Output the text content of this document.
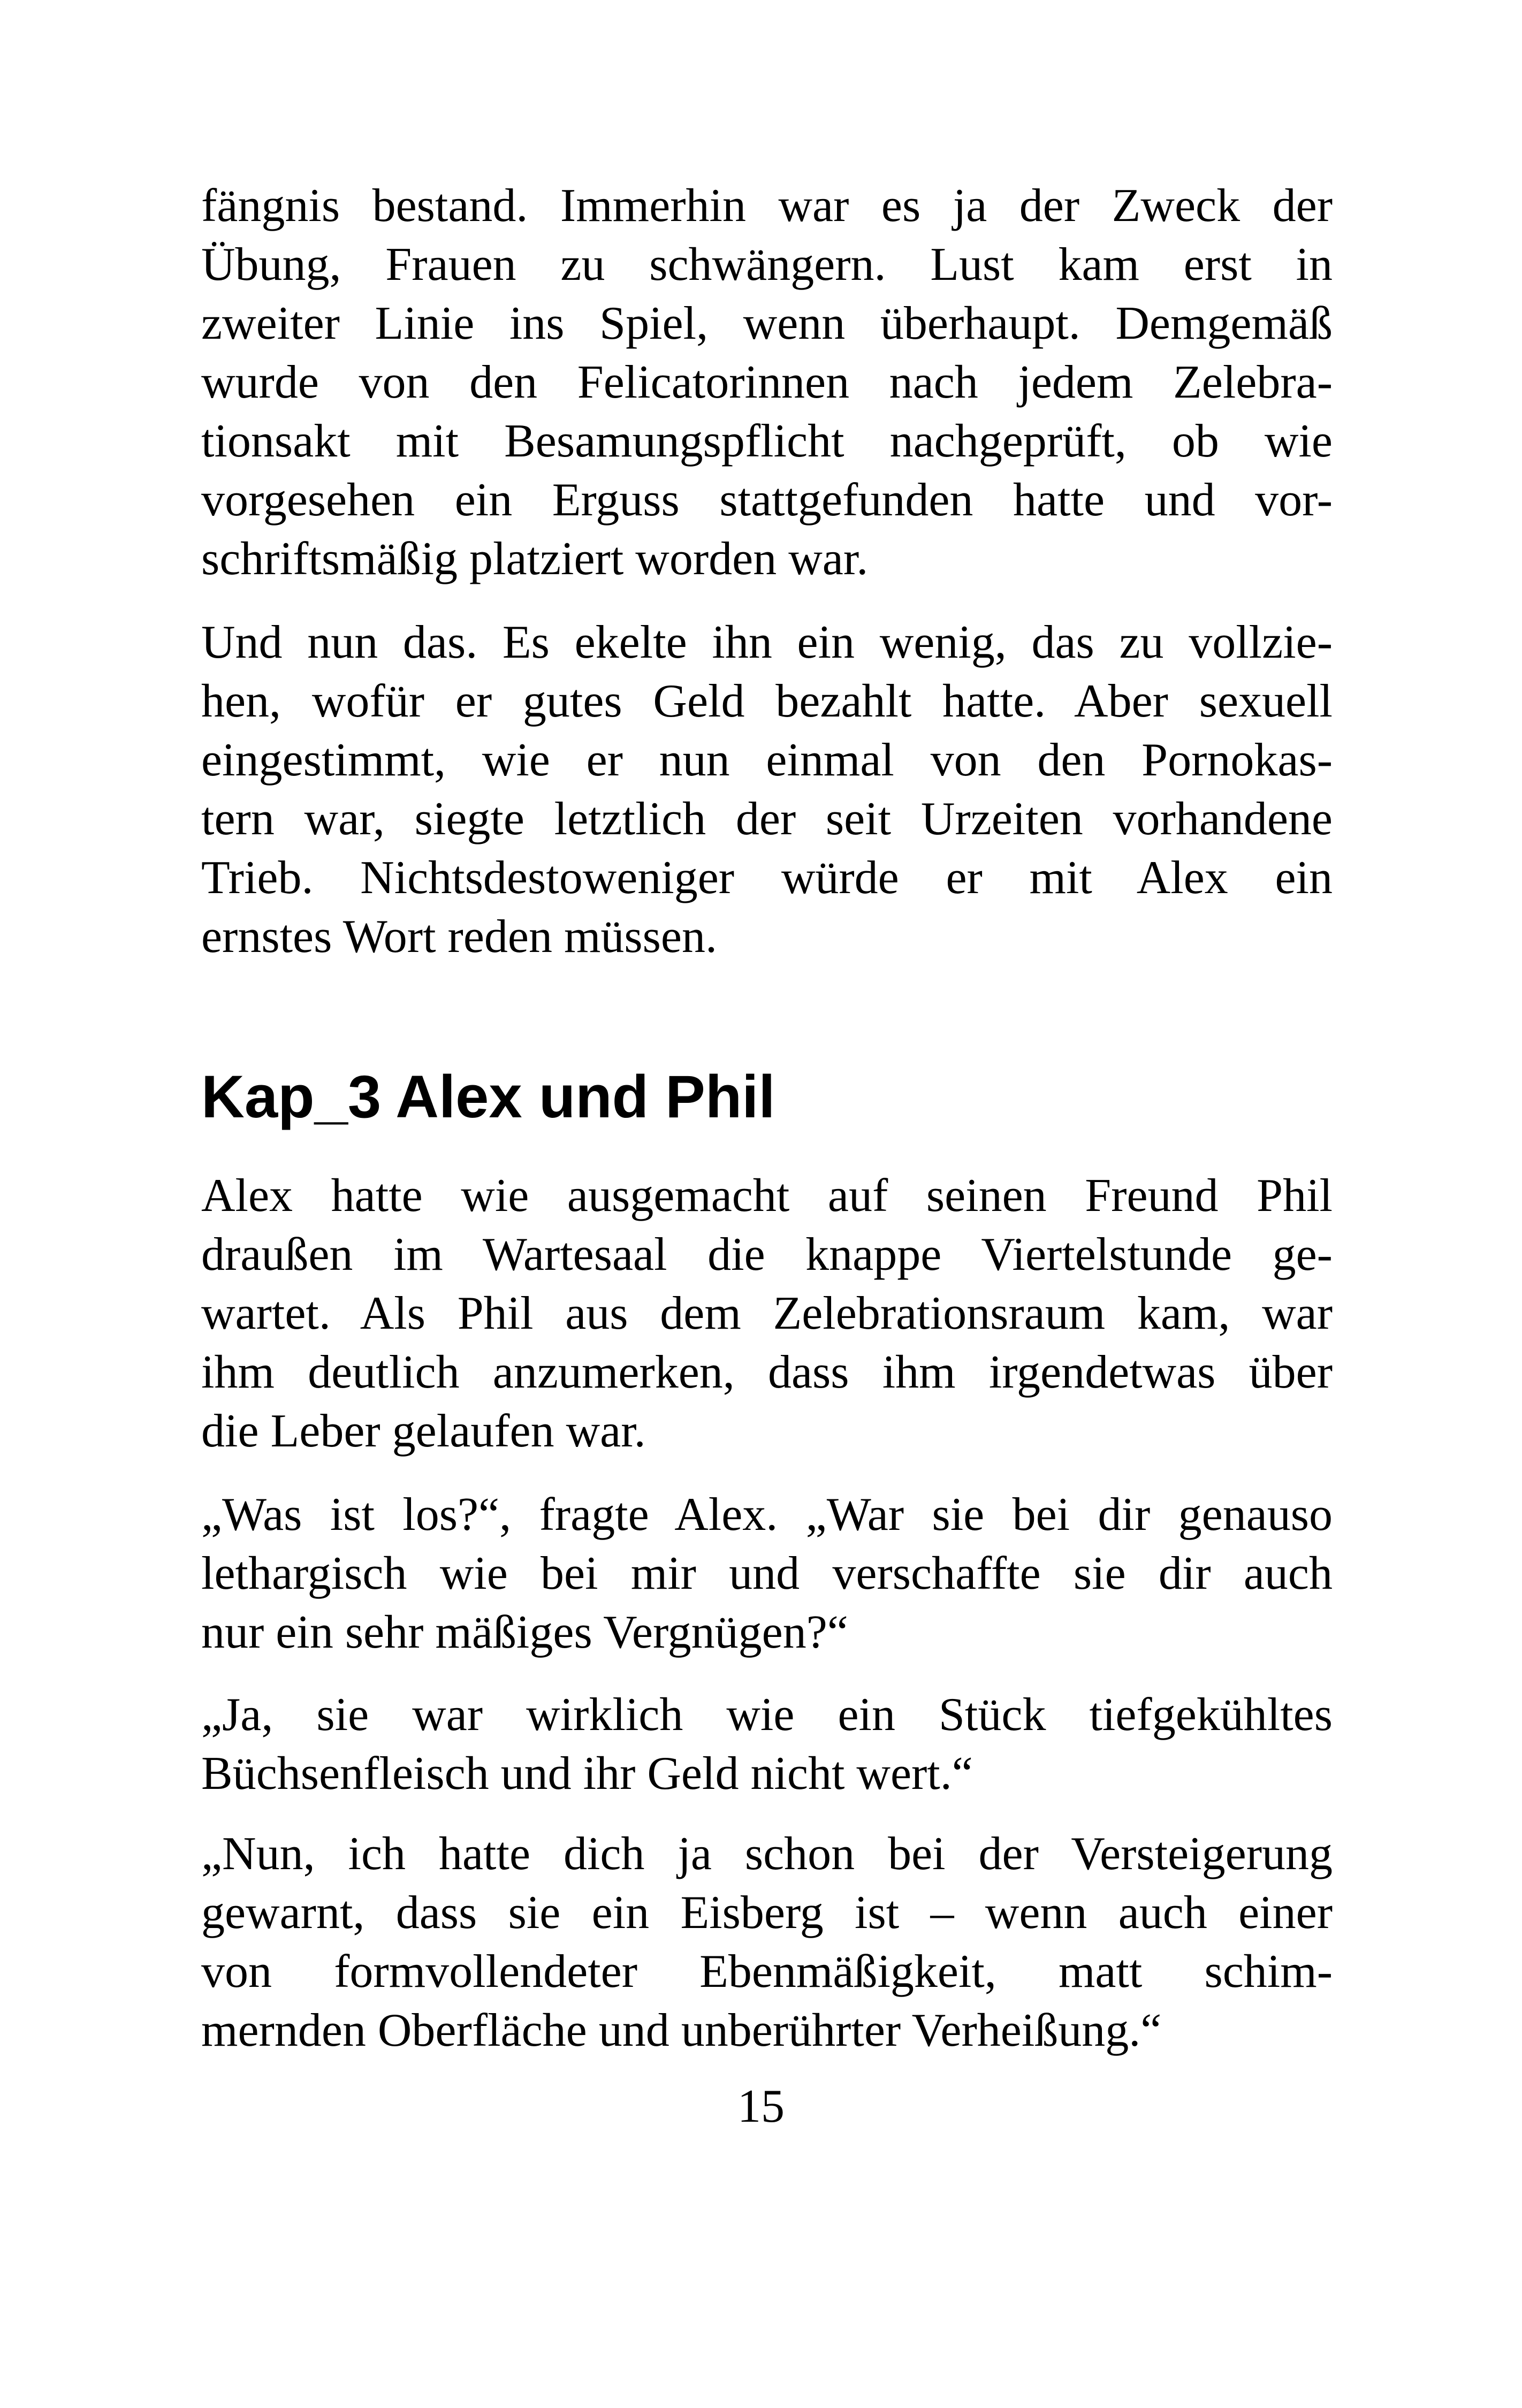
fängnis bestand. Immerhin war es ja der Zweck der
Übung, Frauen zu schwängern. Lust kam erst in
zweiter Linie ins Spiel, wenn überhaupt. Demgemäß
wurde von den Felicatorinnen nach jedem Zelebra-
tionsakt mit Besamungspflicht nachgeprüft, ob wie
vorgesehen ein Erguss stattgefunden hatte und vor-
schriftsmäßig platziert worden war.

Und nun das. Es ekelte ihn ein wenig, das zu vollzie-
hen, wofür er gutes Geld bezahlt hatte. Aber sexuell
eingestimmt, wie er nun einmal von den Pornokas-
tern war, siegte letztlich der seit Urzeiten vorhandene
Trieb. Nichtsdestoweniger würde er mit Alex ein
ernstes Wort reden müssen.

Kap_3 Alex und Phil

Alex hatte wie ausgemacht auf seinen Freund Phil
draußen im Wartesaal die knappe Viertelstunde ge-
wartet. Als Phil aus dem Zelebrationsraum kam, war
ihm deutlich anzumerken, dass ihm irgendetwas über
die Leber gelaufen war.

„Was ist los?“, fragte Alex. „War sie bei dir genauso
lethargisch wie bei mir und verschaffte sie dir auch
nur ein sehr mäßiges Vergnügen?“

„Ja, sie war wirklich wie ein Stück tiefgekühltes
Büchsenfleisch und ihr Geld nicht wert.“

„Nun, ich hatte dich ja schon bei der Versteigerung
gewarnt, dass sie ein Eisberg ist – wenn auch einer
von formvollendeter Ebenmäßigkeit, matt schim-
mernden Oberfläche und unberührter Verheißung.“

15
